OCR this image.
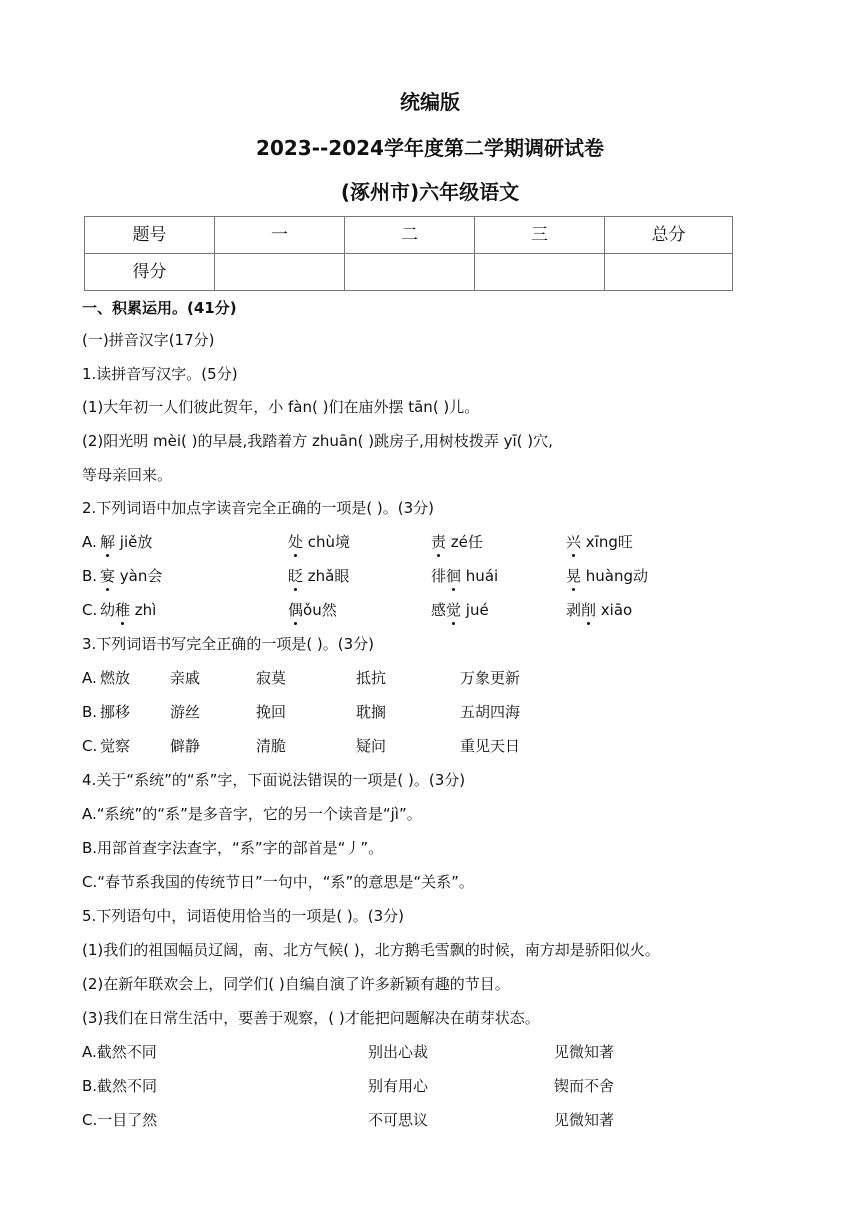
统编版
2023--2024学年度第二学期调研试卷
(涿州市)六年级语文
题号	一	二	三	总分
得分				
一、积累运用。(41分)
(一)拼音汉字(17分)
1.读拼音写汉字。(5分)
(1)大年初一人们彼此贺年，小 fàn( )们在庙外摆 tān( )儿。
(2)阳光明 mèi( )的早晨,我踏着方 zhuān( )跳房子,用树枝拨弄 yī( )穴,
等母亲回来。
2.下列词语中加点字读音完全正确的一项是( )。(3分)
A. 解 jiě放	处 chù境	责 zé任	兴 xīng旺
B. 宴 yàn会	眨 zhǎ眼	徘徊 huái	晃 huàng动
C. 幼稚 zhì	偶ǒu然	感觉 jué	剥削 xiāo
3.下列词语书写完全正确的一项是( )。(3分)
A. 燃放	亲戚	寂莫	抵抗	万象更新
B. 挪移	游丝	挽回	耽搁	五胡四海
C. 觉察	僻静	清脆	疑问	重见天日
4.关于“系统”的“系”字，下面说法错误的一项是( )。(3分)
A.“系统”的“系”是多音字，它的另一个读音是“jì”。
B.用部首查字法查字，“系”字的部首是“丿”。
C.“春节系我国的传统节日”一句中，“系”的意思是“关系”。
5.下列语句中，词语使用恰当的一项是( )。(3分)
(1)我们的祖国幅员辽阔，南、北方气候( )，北方鹅毛雪飘的时候，南方却是骄阳似火。
(2)在新年联欢会上，同学们( )自编自演了许多新颖有趣的节目。
(3)我们在日常生活中，要善于观察，( )才能把问题解决在萌芽状态。
A.截然不同	别出心裁	见微知著
B.截然不同	别有用心	锲而不舍
C.一目了然	不可思议	见微知著
